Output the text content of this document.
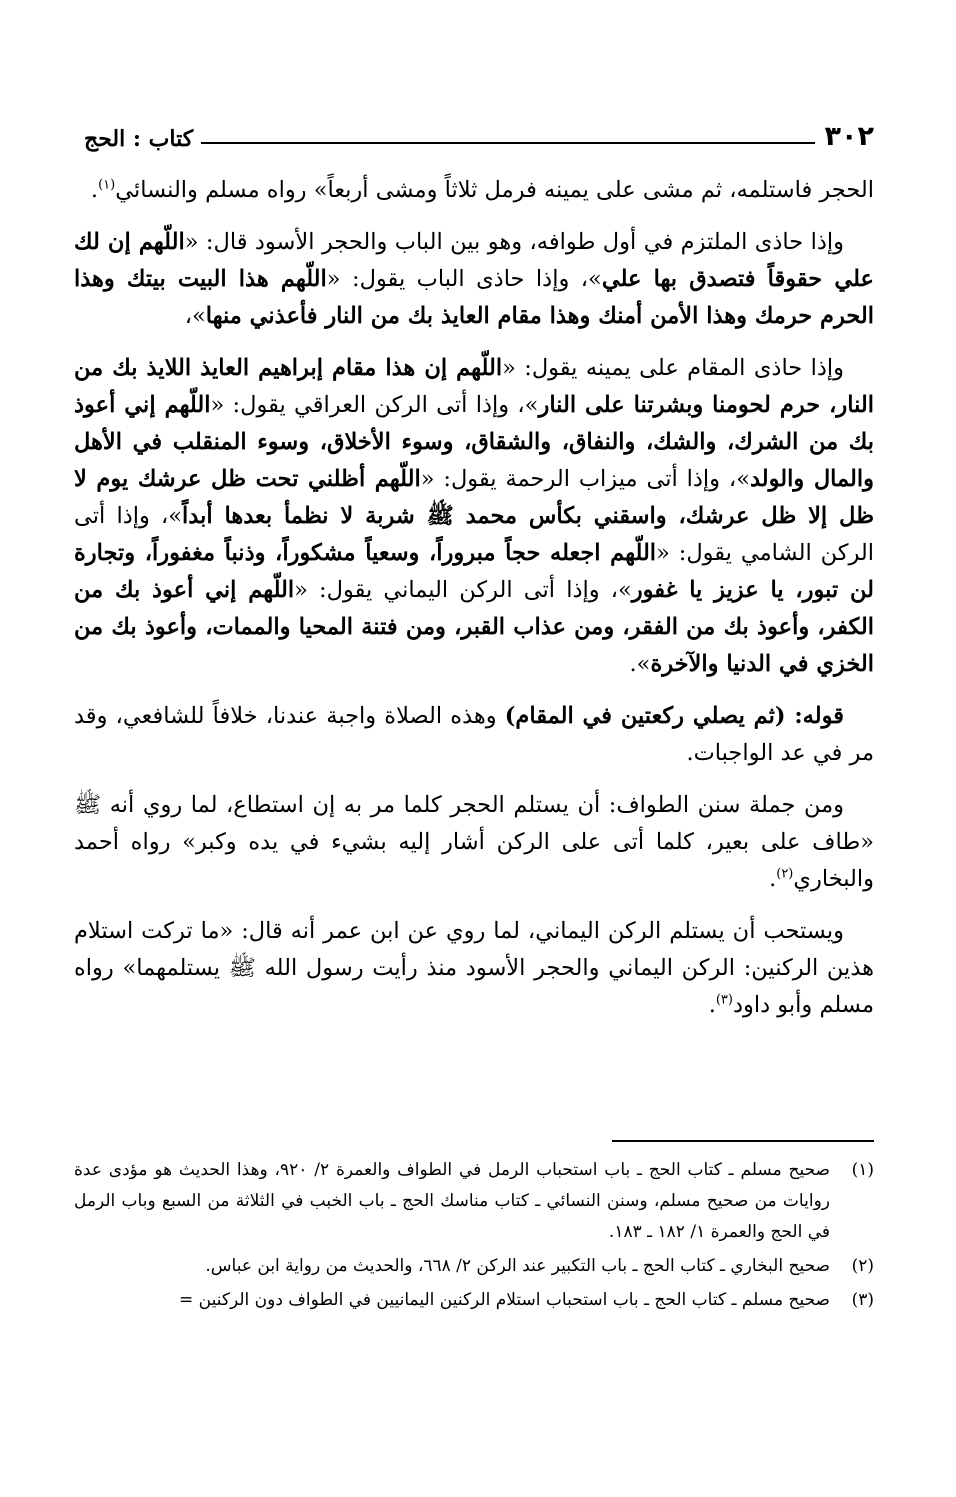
٣٠٢
كتاب : الحج

الحجر فاستلمه، ثم مشى على يمينه فرمل ثلاثاً ومشى أربعاً» رواه مسلم والنسائي$^{(١)}$.

وإذا حاذى الملتزم في أول طوافه، وهو بين الباب والحجر الأسود قال: «اللّهم إن لك علي حقوقاً فتصدق بها علي»، وإذا حاذى الباب يقول: «اللّهم هذا البيت بيتك وهذا الحرم حرمك وهذا الأمن أمنك وهذا مقام العايذ بك من النار فأعذني منها»،

وإذا حاذى المقام على يمينه يقول: «اللّهم إن هذا مقام إبراهيم العايذ اللايذ بك من النار، حرم لحومنا وبشرتنا على النار»، وإذا أتى الركن العراقي يقول: «اللّهم إني أعوذ بك من الشرك، والشك، والنفاق، والشقاق، وسوء الأخلاق، وسوء المنقلب في الأهل والمال والولد»، وإذا أتى ميزاب الرحمة يقول: «اللّهم أظلني تحت ظل عرشك يوم لا ظل إلا ظل عرشك، واسقني بكأس محمد ﷺ شربة لا نظمأ بعدها أبداً»، وإذا أتى الركن الشامي يقول: «اللّهم اجعله حجاً مبروراً، وسعياً مشكوراً، وذنباً مغفوراً، وتجارة لن تبور، يا عزيز يا غفور»، وإذا أتى الركن اليماني يقول: «اللّهم إني أعوذ بك من الكفر، وأعوذ بك من الفقر، ومن عذاب القبر، ومن فتنة المحيا والممات، وأعوذ بك من الخزي في الدنيا والآخرة».

قوله: (ثم يصلي ركعتين في المقام) وهذه الصلاة واجبة عندنا، خلافاً للشافعي، وقد مر في عد الواجبات.

ومن جملة سنن الطواف: أن يستلم الحجر كلما مر به إن استطاع، لما روي أنه ﷺ «طاف على بعير، كلما أتى على الركن أشار إليه بشيء في يده وكبر» رواه أحمد والبخاري$^{(٢)}$.

ويستحب أن يستلم الركن اليماني، لما روي عن ابن عمر أنه قال: «ما تركت استلام هذين الركنين: الركن اليماني والحجر الأسود منذ رأيت رسول الله ﷺ يستلمهما» رواه مسلم وأبو داود$^{(٣)}$.

(١)
صحيح مسلم ـ كتاب الحج ـ باب استحباب الرمل في الطواف والعمرة ٢/ ٩٢٠، وهذا الحديث هو مؤدى عدة روايات من صحيح مسلم، وسنن النسائي ـ كتاب مناسك الحج ـ باب الخبب في الثلاثة من السبع وباب الرمل في الحج والعمرة ١/ ١٨٢ ـ ١٨٣.
(٢)
صحيح البخاري ـ كتاب الحج ـ باب التكبير عند الركن ٢/ ٦٦٨، والحديث من رواية ابن عباس.
(٣)
صحيح مسلم ـ كتاب الحج ـ باب استحباب استلام الركنين اليمانيين في الطواف دون الركنين =
